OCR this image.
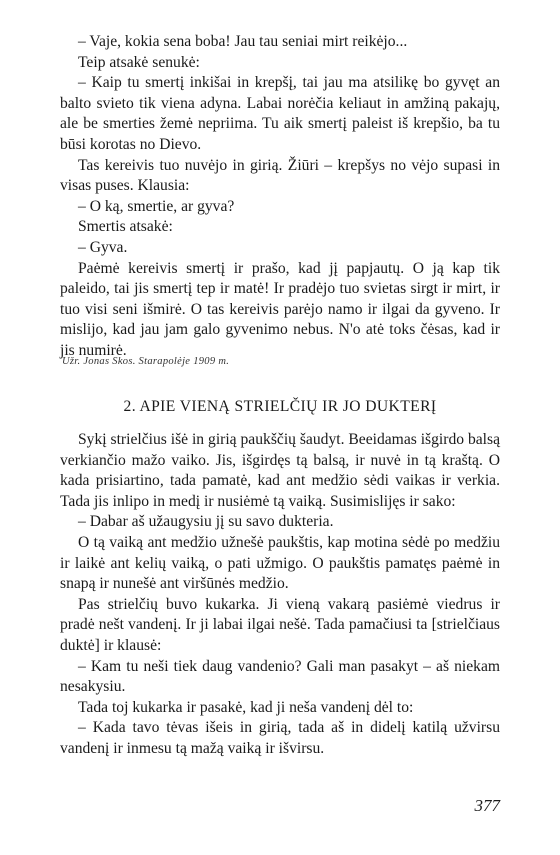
– Vaje, kokia sena boba! Jau tau seniai mirt reikėjo...

Teip atsakė senukė:

– Kaip tu smertį inkišai in krepšį, tai jau ma atsilikę bo gyvęt an balto svieto tik viena adyna. Labai norėčia keliaut in amžiną pakajų, ale be smerties žemė nepriima. Tu aik smertį paleist iš krepšio, ba tu būsi korotas no Dievo.

Tas kereivis tuo nuvėjo in girią. Žiūri – krepšys no vėjo supasi in visas puses. Klausia:

– O ką, smertie, ar gyva?

Smertis atsakė:

– Gyva.

Paėmė kereivis smertį ir prašo, kad jį papjautų. O ją kap tik paleido, tai jis smertį tep ir matė! Ir pradėjo tuo svietas sirgt ir mirt, ir tuo visi seni išmirė. O tas kereivis parėjo namo ir ilgai da gyveno. Ir mislijo, kad jau jam galo gyvenimo nebus. N'o atė toks čėsas, kad ir jis numirė.

Užr. Jonas Skos. Starapolėje 1909 m.
2. APIE VIENĄ STRIELČIŲ IR JO DUKTERĮ

Sykį strielčius išė in girią paukščių šaudyt. Beeidamas išgirdo balsą verkiančio mažo vaiko. Jis, išgirdęs tą balsą, ir nuvė in tą kraštą. O kada prisiartino, tada pamatė, kad ant medžio sėdi vaikas ir verkia. Tada jis inlipo in medį ir nusiėmė tą vaiką. Susimislijęs ir sako:

– Dabar aš užaugysiu jį su savo dukteria.

O tą vaiką ant medžio užnešė paukštis, kap motina sėdė po medžiu ir laikė ant kelių vaiką, o pati užmigo. O paukštis pamatęs paėmė in snapą ir nunešė ant viršūnės medžio.

Pas strielčių buvo kukarka. Ji vieną vakarą pasiėmė viedrus ir pradė nešt vandenį. Ir ji labai ilgai nešė. Tada pamačiusi ta [strielčiaus duktė] ir klausė:

– Kam tu neši tiek daug vandenio? Gali man pasakyt – aš niekam nesakysiu.

Tada toj kukarka ir pasakė, kad ji neša vandenį dėl to:

– Kada tavo tėvas išeis in girią, tada aš in didelį katilą užvirsu vandenį ir inmesu tą mažą vaiką ir išvirsu.

377
